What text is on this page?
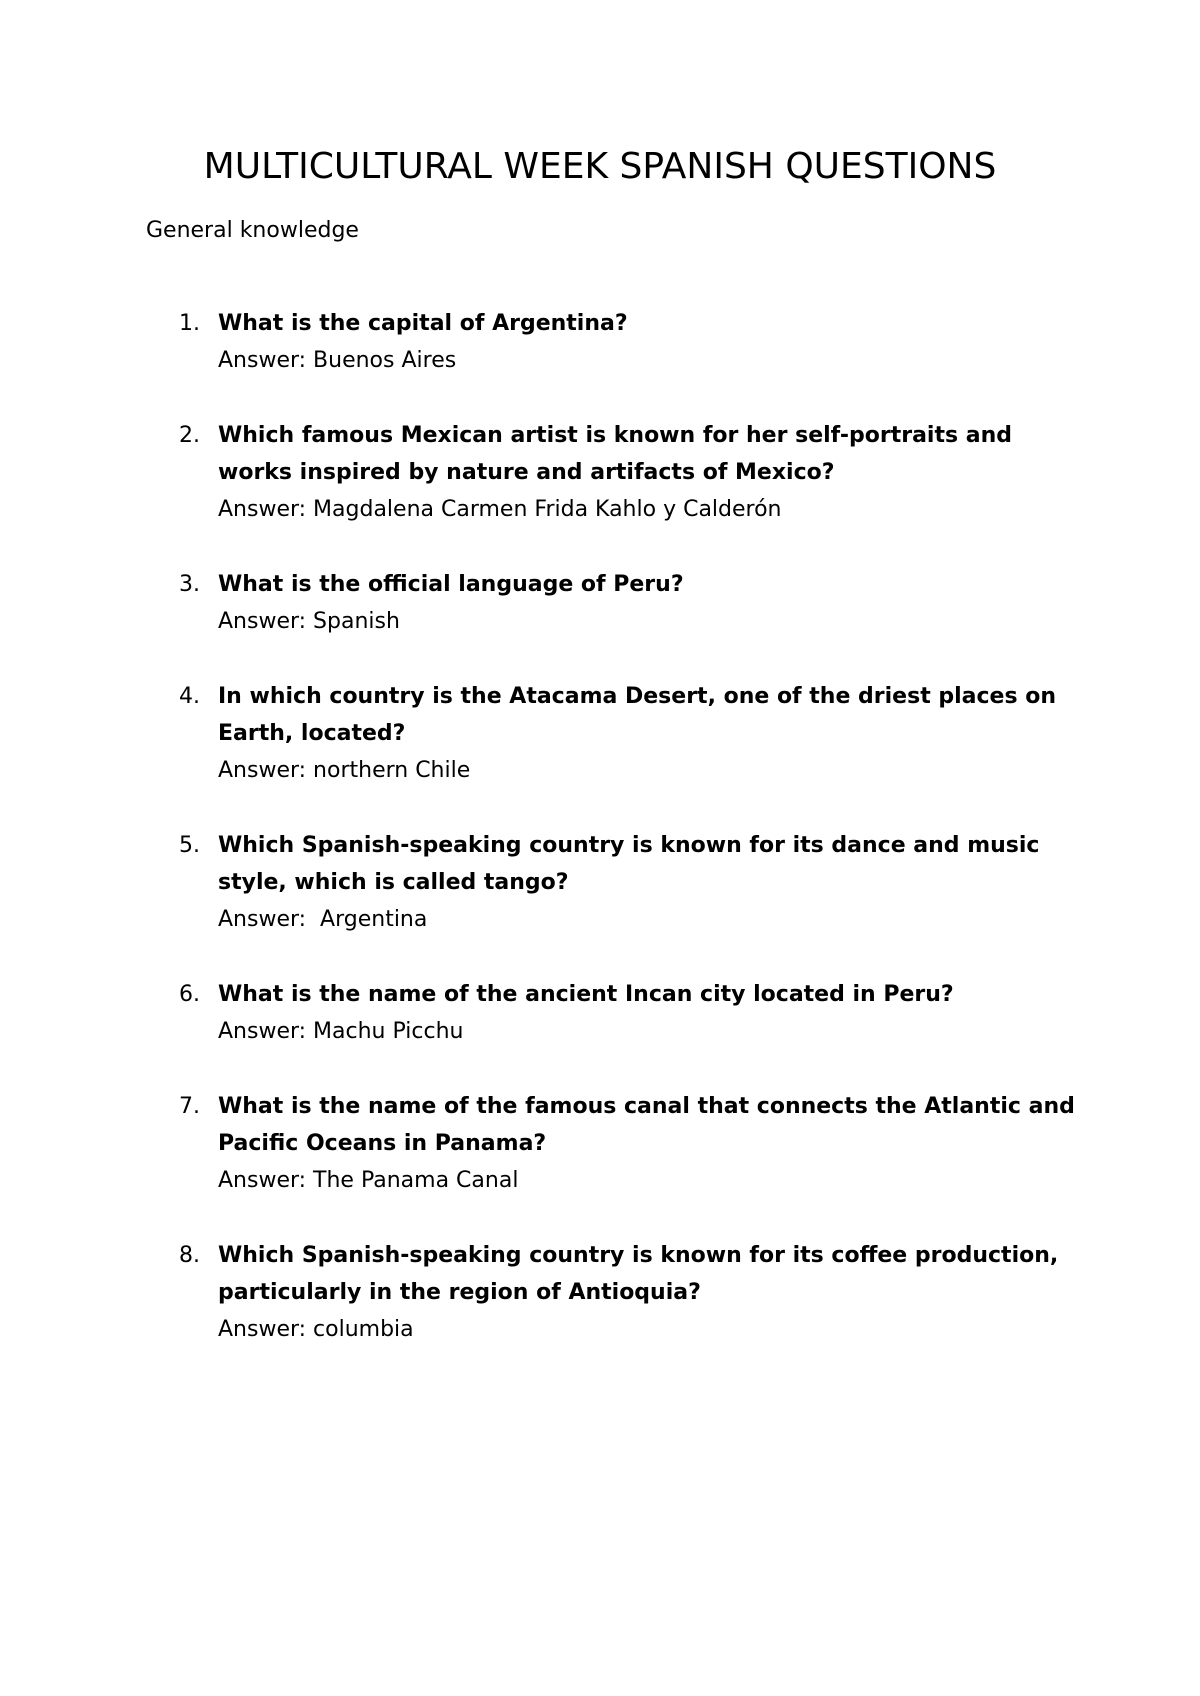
MULTICULTURAL WEEK SPANISH QUESTIONS

General knowledge

1. What is the capital of Argentina?

Answer: Buenos Aires

2. Which famous Mexican artist is known for her self-portraits and works inspired by nature and artifacts of Mexico?

Answer: Magdalena Carmen Frida Kahlo y Calderón

3. What is the official language of Peru?

Answer: Spanish

4. In which country is the Atacama Desert, one of the driest places on Earth, located?

Answer: northern Chile

5. Which Spanish-speaking country is known for its dance and music style, which is called tango?

Answer:  Argentina

6. What is the name of the ancient Incan city located in Peru?

Answer: Machu Picchu

7. What is the name of the famous canal that connects the Atlantic and Pacific Oceans in Panama?

Answer: The Panama Canal

8. Which Spanish-speaking country is known for its coffee production, particularly in the region of Antioquia?

Answer: columbia
